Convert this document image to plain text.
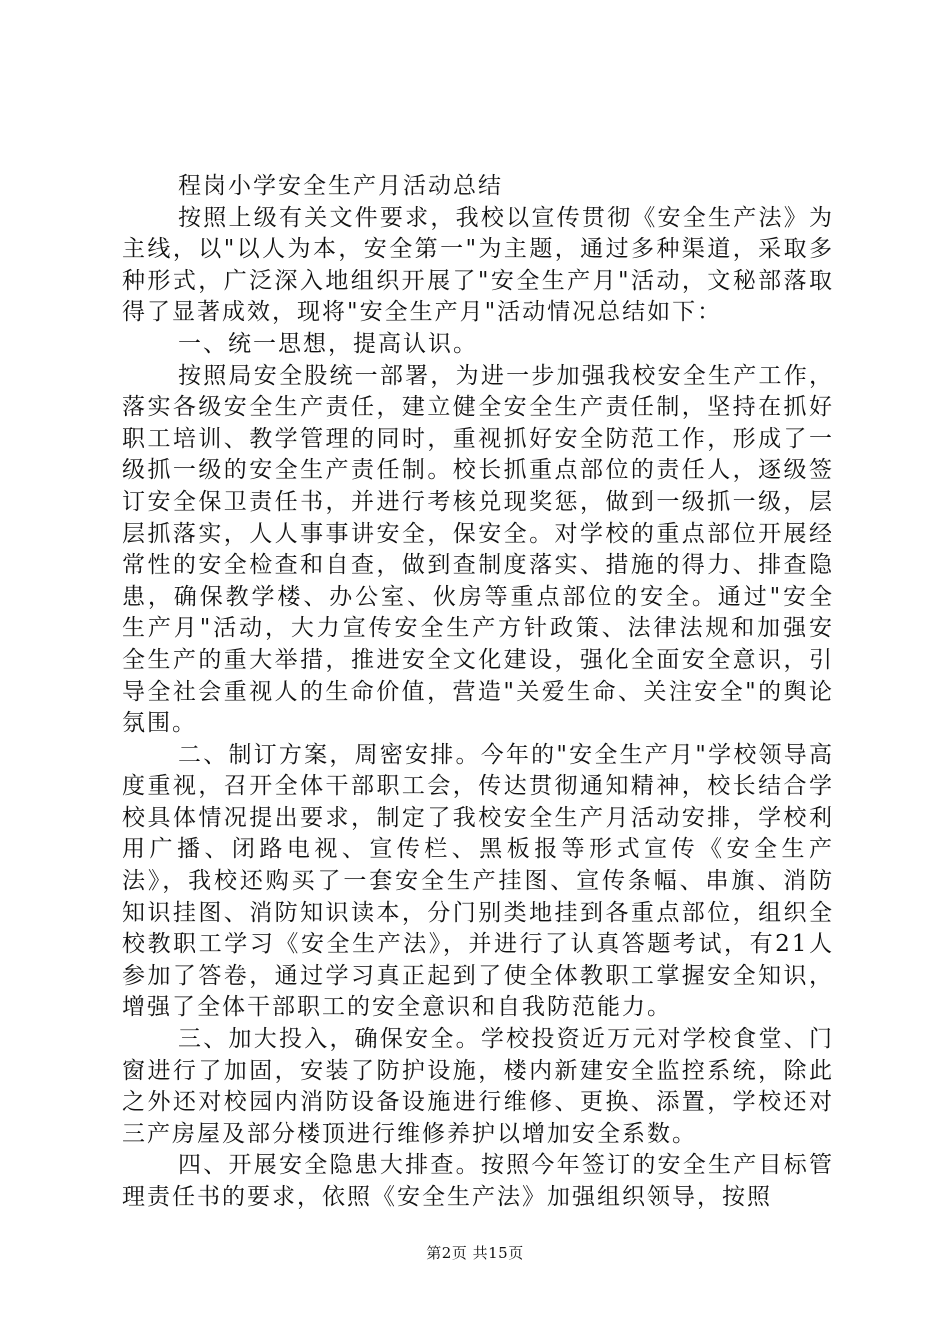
程岗小学安全生产月活动总结

按照上级有关文件要求，我校以宣传贯彻《安全生产法》为主线，以"以人为本，安全第一"为主题，通过多种渠道，采取多种形式，广泛深入地组织开展了"安全生产月"活动，文秘部落取得了显著成效，现将"安全生产月"活动情况总结如下：

一、统一思想，提高认识。

按照局安全股统一部署，为进一步加强我校安全生产工作，落实各级安全生产责任，建立健全安全生产责任制，坚持在抓好职工培训、教学管理的同时，重视抓好安全防范工作，形成了一级抓一级的安全生产责任制。校长抓重点部位的责任人，逐级签订安全保卫责任书，并进行考核兑现奖惩，做到一级抓一级，层层抓落实，人人事事讲安全，保安全。对学校的重点部位开展经常性的安全检查和自查，做到查制度落实、措施的得力、排查隐患，确保教学楼、办公室、伙房等重点部位的安全。通过"安全生产月"活动，大力宣传安全生产方针政策、法律法规和加强安全生产的重大举措，推进安全文化建设，强化全面安全意识，引导全社会重视人的生命价值，营造"关爱生命、关注安全"的舆论氛围。

二、制订方案，周密安排。今年的"安全生产月"学校领导高度重视，召开全体干部职工会，传达贯彻通知精神，校长结合学校具体情况提出要求，制定了我校安全生产月活动安排，学校利用广播、闭路电视、宣传栏、黑板报等形式宣传《安全生产法》，我校还购买了一套安全生产挂图、宣传条幅、串旗、消防知识挂图、消防知识读本，分门别类地挂到各重点部位，组织全校教职工学习《安全生产法》，并进行了认真答题考试，有21人参加了答卷，通过学习真正起到了使全体教职工掌握安全知识，增强了全体干部职工的安全意识和自我防范能力。

三、加大投入，确保安全。学校投资近万元对学校食堂、门窗进行了加固，安装了防护设施，楼内新建安全监控系统，除此之外还对校园内消防设备设施进行维修、更换、添置，学校还对三产房屋及部分楼顶进行维修养护以增加安全系数。

四、开展安全隐患大排查。按照今年签订的安全生产目标管理责任书的要求，依照《安全生产法》加强组织领导，按照

第2页 共15页
